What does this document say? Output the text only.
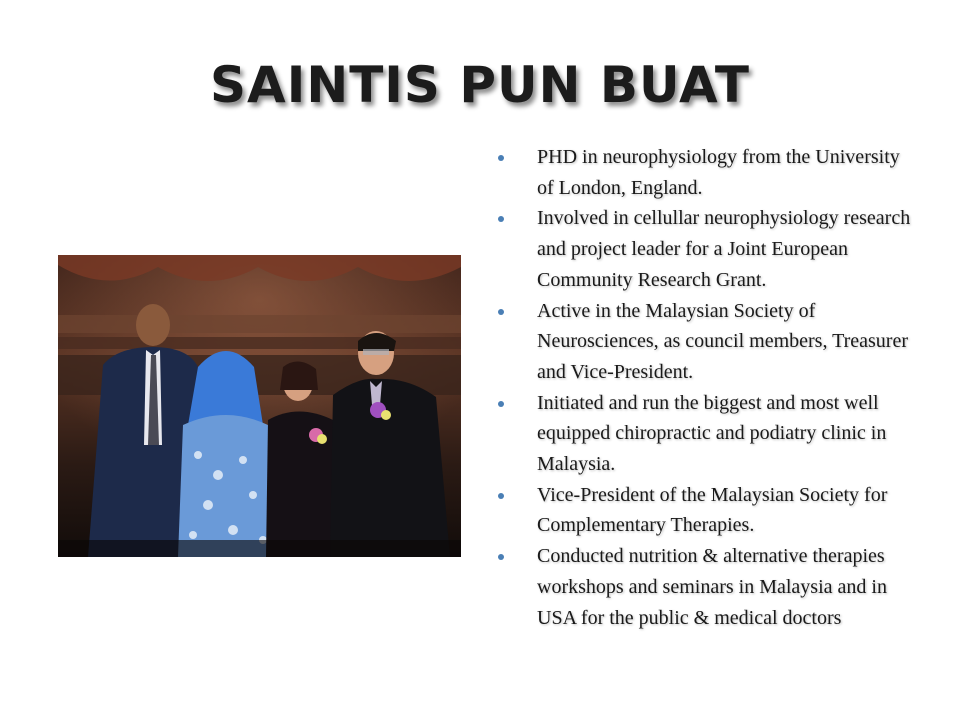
SAINTIS PUN BUAT
PHD in neurophysiology from the University of London, England.
Involved in cellullar neurophysiology research and project leader for a Joint European Community Research Grant.
Active in the Malaysian Society of Neurosciences, as council members, Treasurer and Vice-President.
Initiated and run the biggest and most well equipped chiropractic and podiatry clinic in Malaysia.
Vice-President of the Malaysian Society for Complementary Therapies.
Conducted nutrition & alternative therapies workshops and seminars in Malaysia and in USA for the public & medical doctors
